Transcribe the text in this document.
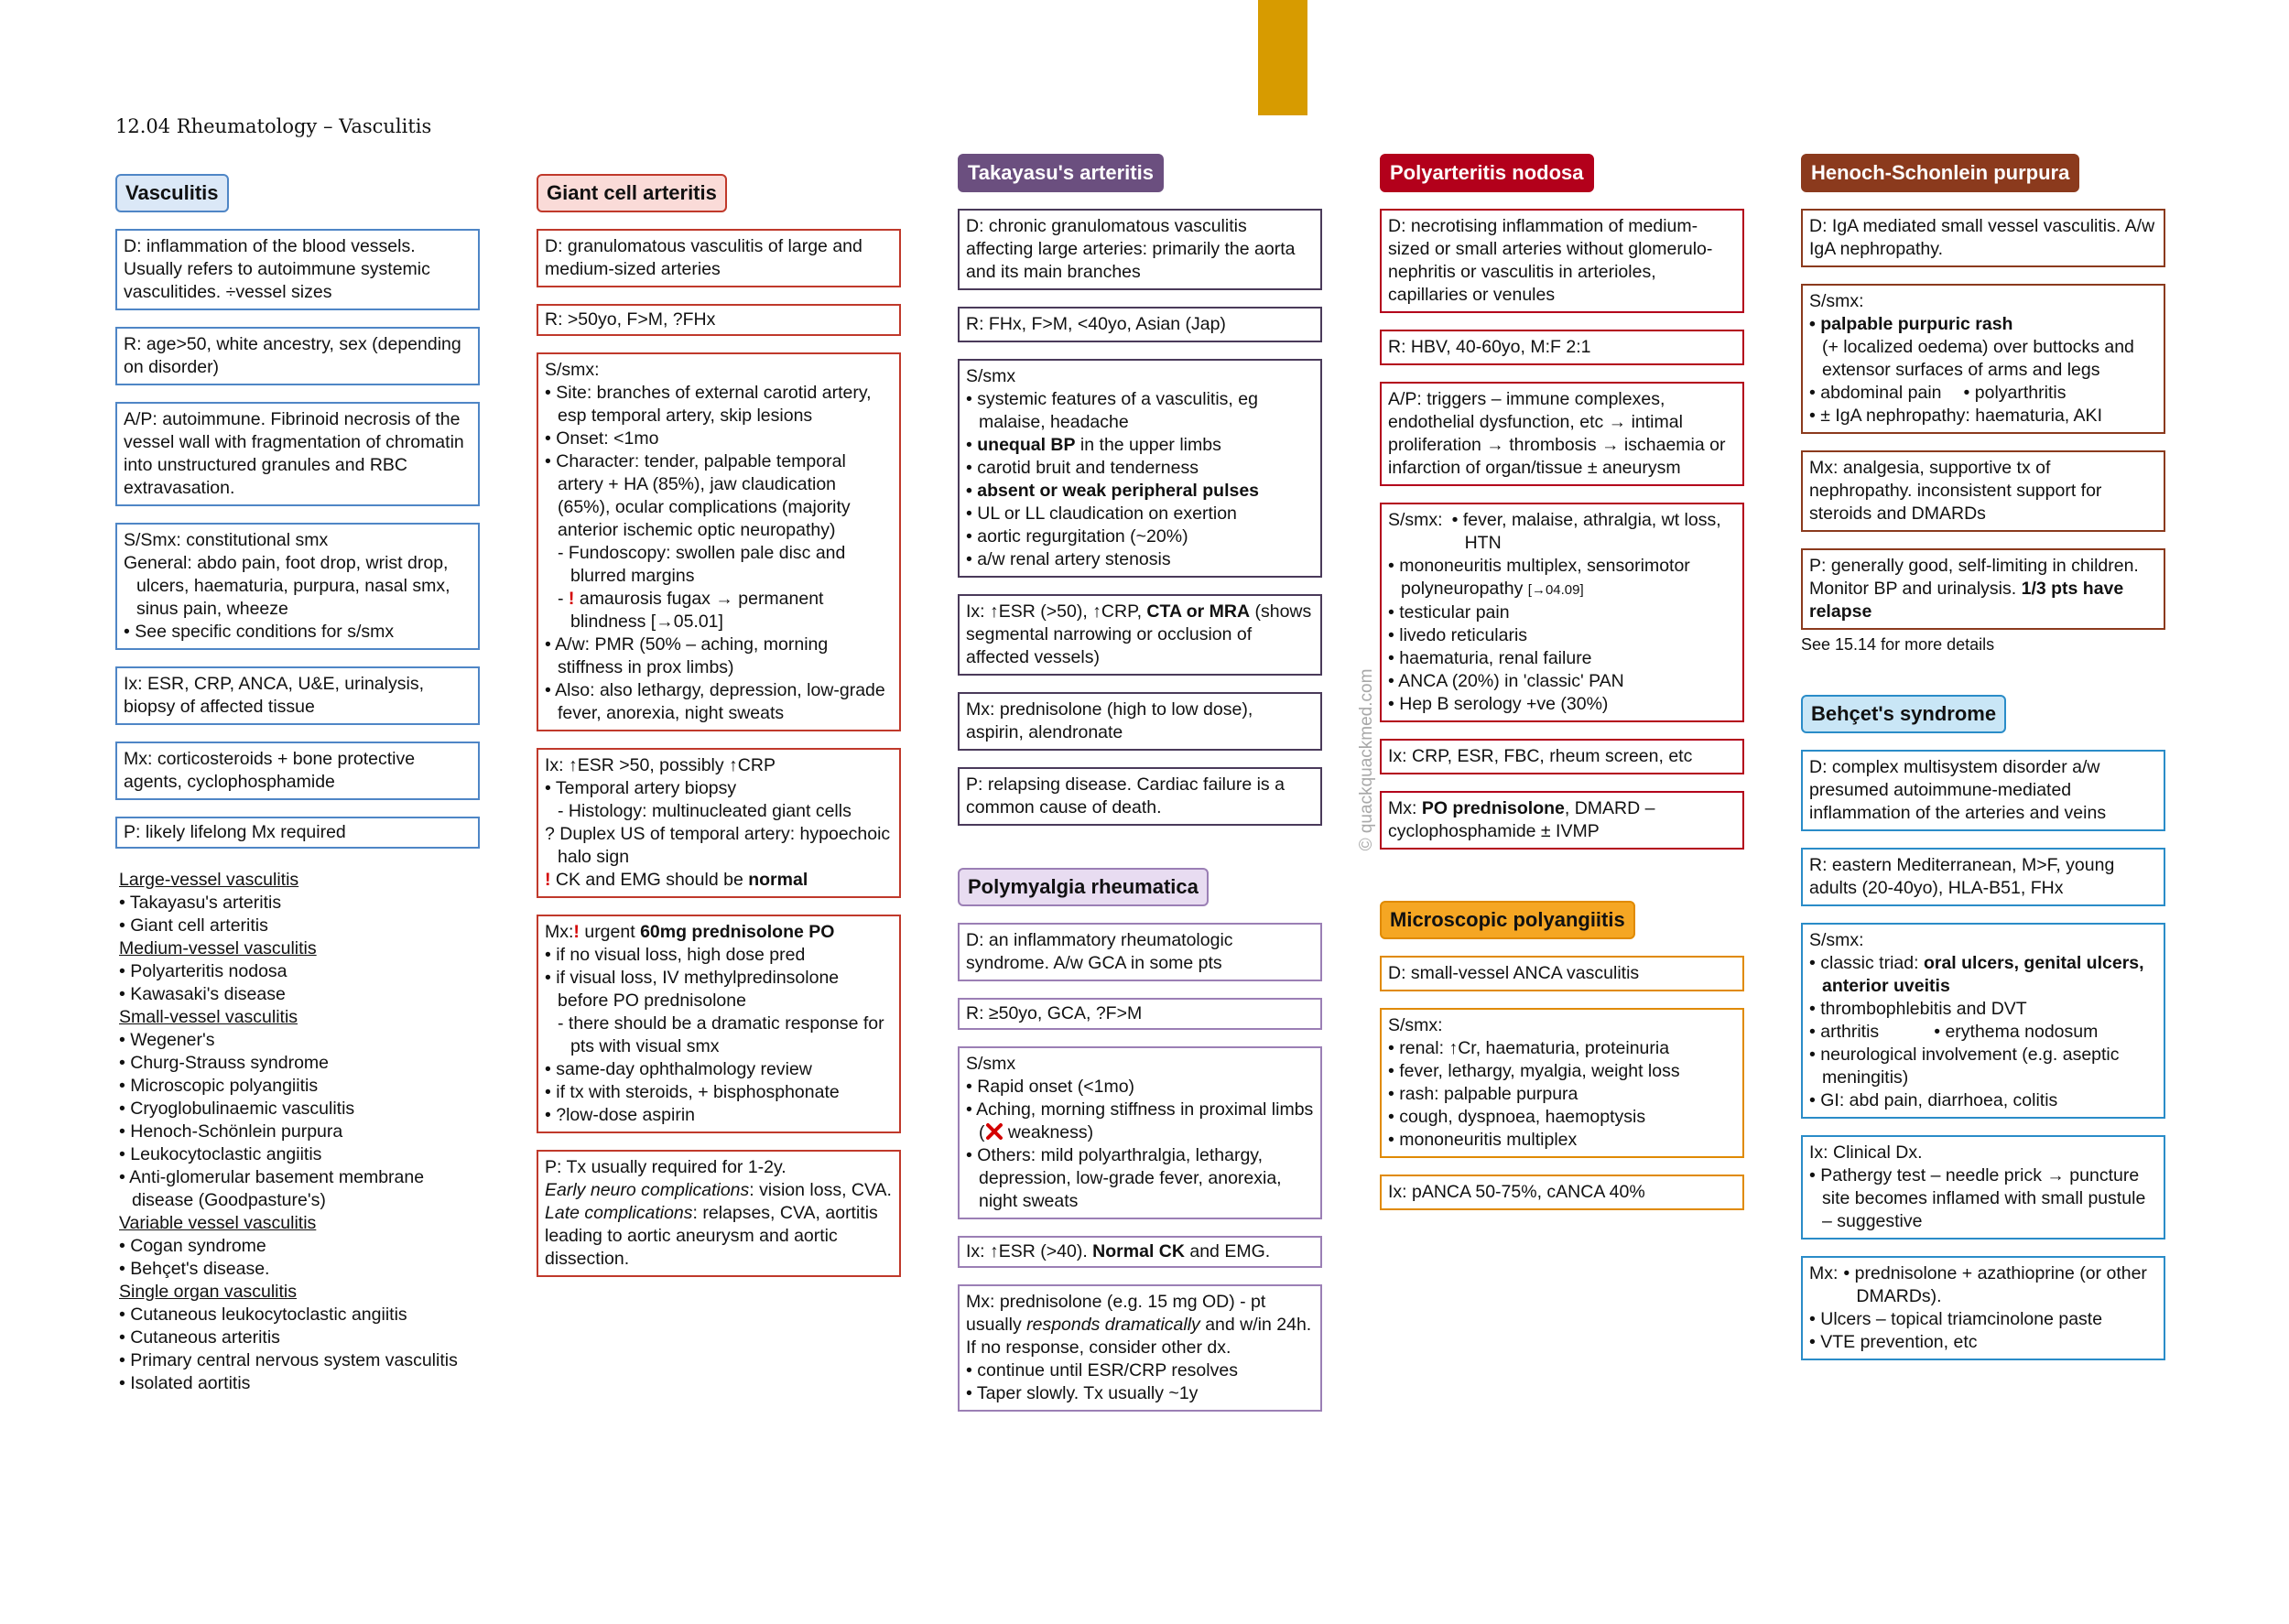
12.04 Rheumatology – Vasculitis
© quackquackmed.com
Vasculitis
D: inflammation of the blood vessels. Usually refers to autoimmune systemic vasculitides. ÷vessel sizes
R: age>50, white ancestry, sex (depending on disorder)
A/P: autoimmune. Fibrinoid necrosis of the vessel wall with fragmentation of chromatin into unstructured granules and RBC extravasation.
S/Smx: constitutional smx
General: abdo pain, foot drop, wrist drop, ulcers, haematuria, purpura, nasal smx, sinus pain, wheeze
• See specific conditions for s/smx
Ix: ESR, CRP, ANCA, U&E, urinalysis, biopsy of affected tissue
Mx: corticosteroids + bone protective agents, cyclophosphamide
P: likely lifelong Mx required
Large-vessel vasculitis
• Takayasu's arteritis
• Giant cell arteritis
Medium-vessel vasculitis
• Polyarteritis nodosa
• Kawasaki's disease
Small-vessel vasculitis
• Wegener's
• Churg-Strauss syndrome
• Microscopic polyangiitis
• Cryoglobulinaemic vasculitis
• Henoch-Schönlein purpura
• Leukocytoclastic angiitis
• Anti-glomerular basement membrane disease (Goodpasture's)
Variable vessel vasculitis
• Cogan syndrome
• Behçet's disease.
Single organ vasculitis
• Cutaneous leukocytoclastic angiitis
• Cutaneous arteritis
• Primary central nervous system vasculitis
• Isolated aortitis
Giant cell arteritis
D: granulomatous vasculitis of large and medium-sized arteries
R: >50yo, F>M, ?FHx
S/smx:
• Site: branches of external carotid artery, esp temporal artery, skip lesions
• Onset: <1mo
• Character: tender, palpable temporal artery + HA (85%), jaw claudication (65%), ocular complications (majority anterior ischemic optic neuropathy)
- Fundoscopy: swollen pale disc and blurred margins
- ! amaurosis fugax → permanent blindness [→05.01]
• A/w: PMR (50% – aching, morning stiffness in prox limbs)
• Also: also lethargy, depression, low-grade fever, anorexia, night sweats
Ix: ↑ESR >50, possibly ↑CRP
• Temporal artery biopsy
- Histology: multinucleated giant cells
? Duplex US of temporal artery: hypoechoic halo sign
! CK and EMG should be normal
Mx:! urgent 60mg prednisolone PO
• if no visual loss, high dose pred
• if visual loss, IV methylpredinsolone before PO prednisolone
- there should be a dramatic response for pts with visual smx
• same-day ophthalmology review
• if tx with steroids, + bisphosphonate
• ?low-dose aspirin
P: Tx usually required for 1-2y.
Early neuro complications: vision loss, CVA. Late complications: relapses, CVA, aortitis leading to aortic aneurysm and aortic dissection.
Takayasu's arteritis
D: chronic granulomatous vasculitis affecting large arteries: primarily the aorta and its main branches
R: FHx, F>M, <40yo, Asian (Jap)
S/smx
• systemic features of a vasculitis, eg malaise, headache
• unequal BP in the upper limbs
• carotid bruit and tenderness
• absent or weak peripheral pulses
• UL or LL claudication on exertion
• aortic regurgitation (~20%)
• a/w renal artery stenosis
Ix: ↑ESR (>50), ↑CRP, CTA or MRA (shows segmental narrowing or occlusion of affected vessels)
Mx: prednisolone (high to low dose), aspirin, alendronate
P: relapsing disease. Cardiac failure is a common cause of death.
Polymyalgia rheumatica
D: an inflammatory rheumatologic syndrome. A/w GCA in some pts
R: ≥50yo, GCA, ?F>M
S/smx
• Rapid onset (<1mo)
• Aching, morning stiffness in proximal limbs ( weakness)
• Others: mild polyarthralgia, lethargy, depression, low-grade fever, anorexia, night sweats
Ix: ↑ESR (>40). Normal CK and EMG.
Mx: prednisolone (e.g. 15 mg OD) - pt usually responds dramatically and w/in 24h. If no response, consider other dx.
• continue until ESR/CRP resolves
• Taper slowly. Tx usually ~1y
Polyarteritis nodosa
D: necrotising inflammation of medium-sized or small arteries without glomerulo-nephritis or vasculitis in arterioles, capillaries or venules
R: HBV, 40-60yo, M:F 2:1
A/P: triggers – immune complexes, endothelial dysfunction, etc → intimal proliferation → thrombosis → ischaemia or infarction of organ/tissue ± aneurysm
S/smx:	• fever, malaise, athralgia, wt loss, HTN
• mononeuritis multiplex, sensorimotor polyneuropathy [→04.09]
• testicular pain
• livedo reticularis
• haematuria, renal failure
• ANCA (20%) in 'classic' PAN
• Hep B serology +ve (30%)
Ix: CRP, ESR, FBC, rheum screen, etc
Mx: PO prednisolone, DMARD – cyclophosphamide ± IVMP
Microscopic polyangiitis
D: small-vessel ANCA vasculitis
S/smx:
• renal: ↑Cr, haematuria, proteinuria
• fever, lethargy, myalgia, weight loss
• rash: palpable purpura
• cough, dyspnoea, haemoptysis
• mononeuritis multiplex
Ix: pANCA 50-75%, cANCA 40%
Henoch-Schonlein purpura
D: IgA mediated small vessel vasculitis. A/w IgA nephropathy.
S/smx:
• palpable purpuric rash
(+ localized oedema) over buttocks and extensor surfaces of arms and legs
• abdominal pain • polyarthritis
• ± IgA nephropathy: haematuria, AKI
Mx: analgesia, supportive tx of nephropathy. inconsistent support for steroids and DMARDs
P: generally good, self-limiting in children. Monitor BP and urinalysis. 1/3 pts have relapse
See 15.14 for more details
Behçet's syndrome
D: complex multisystem disorder a/w presumed autoimmune-mediated inflammation of the arteries and veins
R: eastern Mediterranean, M>F, young adults (20-40yo), HLA-B51, FHx
S/smx:
• classic triad: oral ulcers, genital ulcers, anterior uveitis
• thrombophlebitis and DVT
• arthritis	• erythema nodosum
• neurological involvement (e.g. aseptic meningitis)
• GI: abd pain, diarrhoea, colitis
Ix: Clinical Dx.
• Pathergy test – needle prick → puncture site becomes inflamed with small pustule – suggestive
Mx: • prednisolone + azathioprine (or other DMARDs).
• Ulcers – topical triamcinolone paste
• VTE prevention, etc
